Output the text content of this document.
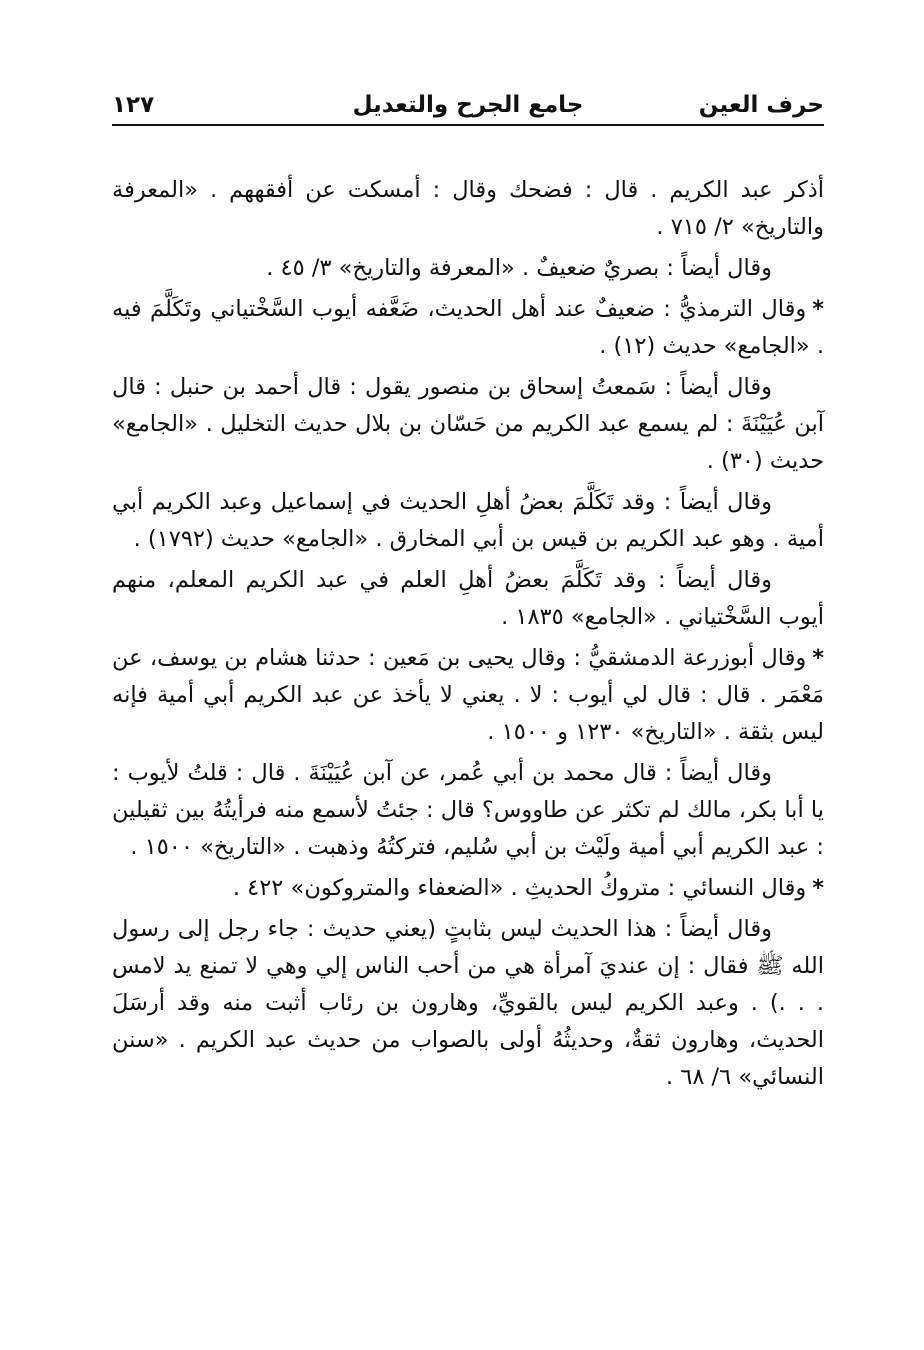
حرف العين
جامع الجرح والتعديل
١٢٧

أذكر عبد الكريم . قال : فضحك وقال : أمسكت عن أفقههم . «المعرفة والتاريخ» ٢/ ٧١٥ .

وقال أيضاً : بصريٌ ضعيفٌ . «المعرفة والتاريخ» ٣/ ٤٥ .

*وقال الترمذيُّ : ضعيفٌ عند أهل الحديث، ضَعَّفه أيوب السَّخْتياني وتَكَلَّمَ فيه . «الجامع» حديث (١٢) .

وقال أيضاً : سَمعتُ إسحاق بن منصور يقول : قال أحمد بن حنبل : قال آبن عُيَيْنَةَ : لم يسمع عبد الكريم من حَسّان بن بلال حديث التخليل . «الجامع» حديث (٣٠) .

وقال أيضاً : وقد تَكَلَّمَ بعضُ أهلِ الحديث في إسماعيل وعبد الكريم أبي أمية . وهو عبد الكريم بن قيس بن أبي المخارق . «الجامع» حديث (١٧٩٢) .

وقال أيضاً : وقد تَكَلَّمَ بعضُ أهلِ العلم في عبد الكريم المعلم، منهم أيوب السَّخْتياني . «الجامع» ١٨٣٥ .

*وقال أبوزرعة الدمشقيُّ : وقال يحيى بن مَعين : حدثنا هشام بن يوسف، عن مَعْمَر . قال : قال لي أيوب : لا . يعني لا يأخذ عن عبد الكريم أبي أمية فإنه ليس بثقة . «التاريخ» ١٢٣٠ و ١٥٠٠ .

وقال أيضاً : قال محمد بن أبي عُمر، عن آبن عُيَيْنَةَ . قال : قلتُ لأيوب : يا أبا بكر، مالك لم تكثر عن طاووس؟ قال : جئتُ لأسمع منه فرأيتُهُ بين ثقيلين : عبد الكريم أبي أمية ولَيْث بن أبي سُليم، فتركتُهُ وذهبت . «التاريخ» ١٥٠٠ .

*وقال النسائي : متروكُ الحديثِ . «الضعفاء والمتروكون» ٤٢٢ .

وقال أيضاً : هذا الحديث ليس بثابتٍ (يعني حديث : جاء رجل إلى رسول الله ﷺ فقال : إن عنديَ آمرأة هي من أحب الناس إلي وهي لا تمنع يد لامس . . .) . وعبد الكريم ليس بالقويِّ، وهارون بن رئاب أثبت منه وقد أرسَلَ الحديث، وهارون ثقةٌ، وحديثُهُ أولى بالصواب من حديث عبد الكريم . «سنن النسائي» ٦/ ٦٨ .
